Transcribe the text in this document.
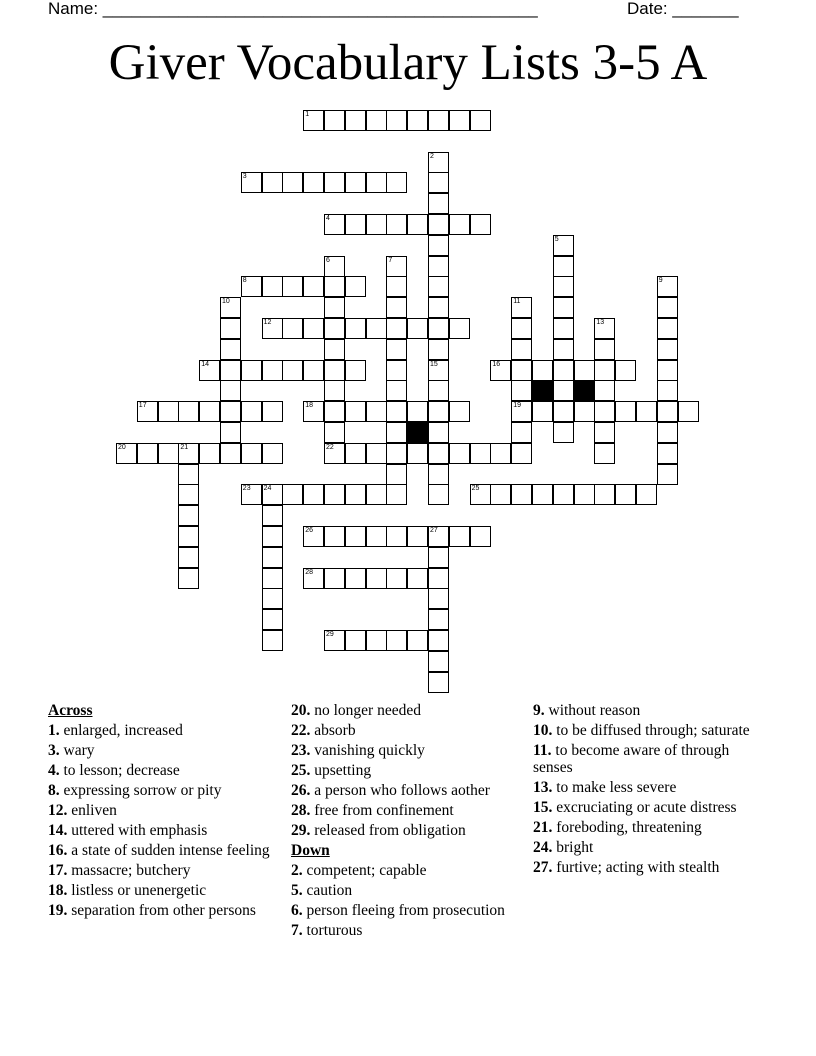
Name: ______________________________________________	Date: _______
Giver Vocabulary Lists 3-5 A
1
3
4
8
12
14	16
17	18	19
20	21	22
23 24	25
26	27
28
29
2
15
5
6	7
9
10	11
13
Across
1. enlarged, increased
3. wary
4. to lesson; decrease
8. expressing sorrow or pity
12. enliven
14. uttered with emphasis
16. a state of sudden intense feeling
17. massacre; butchery
18. listless or unenergetic
19. separation from other persons
20. no longer needed
22. absorb
23. vanishing quickly
25. upsetting
26. a person who follows aother
28. free from confinement
29. released from obligation
Down
2. competent; capable
5. caution
6. person fleeing from prosecution
7. torturous
9. without reason
10. to be diffused through; saturate
11. to become aware of through senses
13. to make less severe
15. excruciating or acute distress
21. foreboding, threatening
24. bright
27. furtive; acting with stealth
